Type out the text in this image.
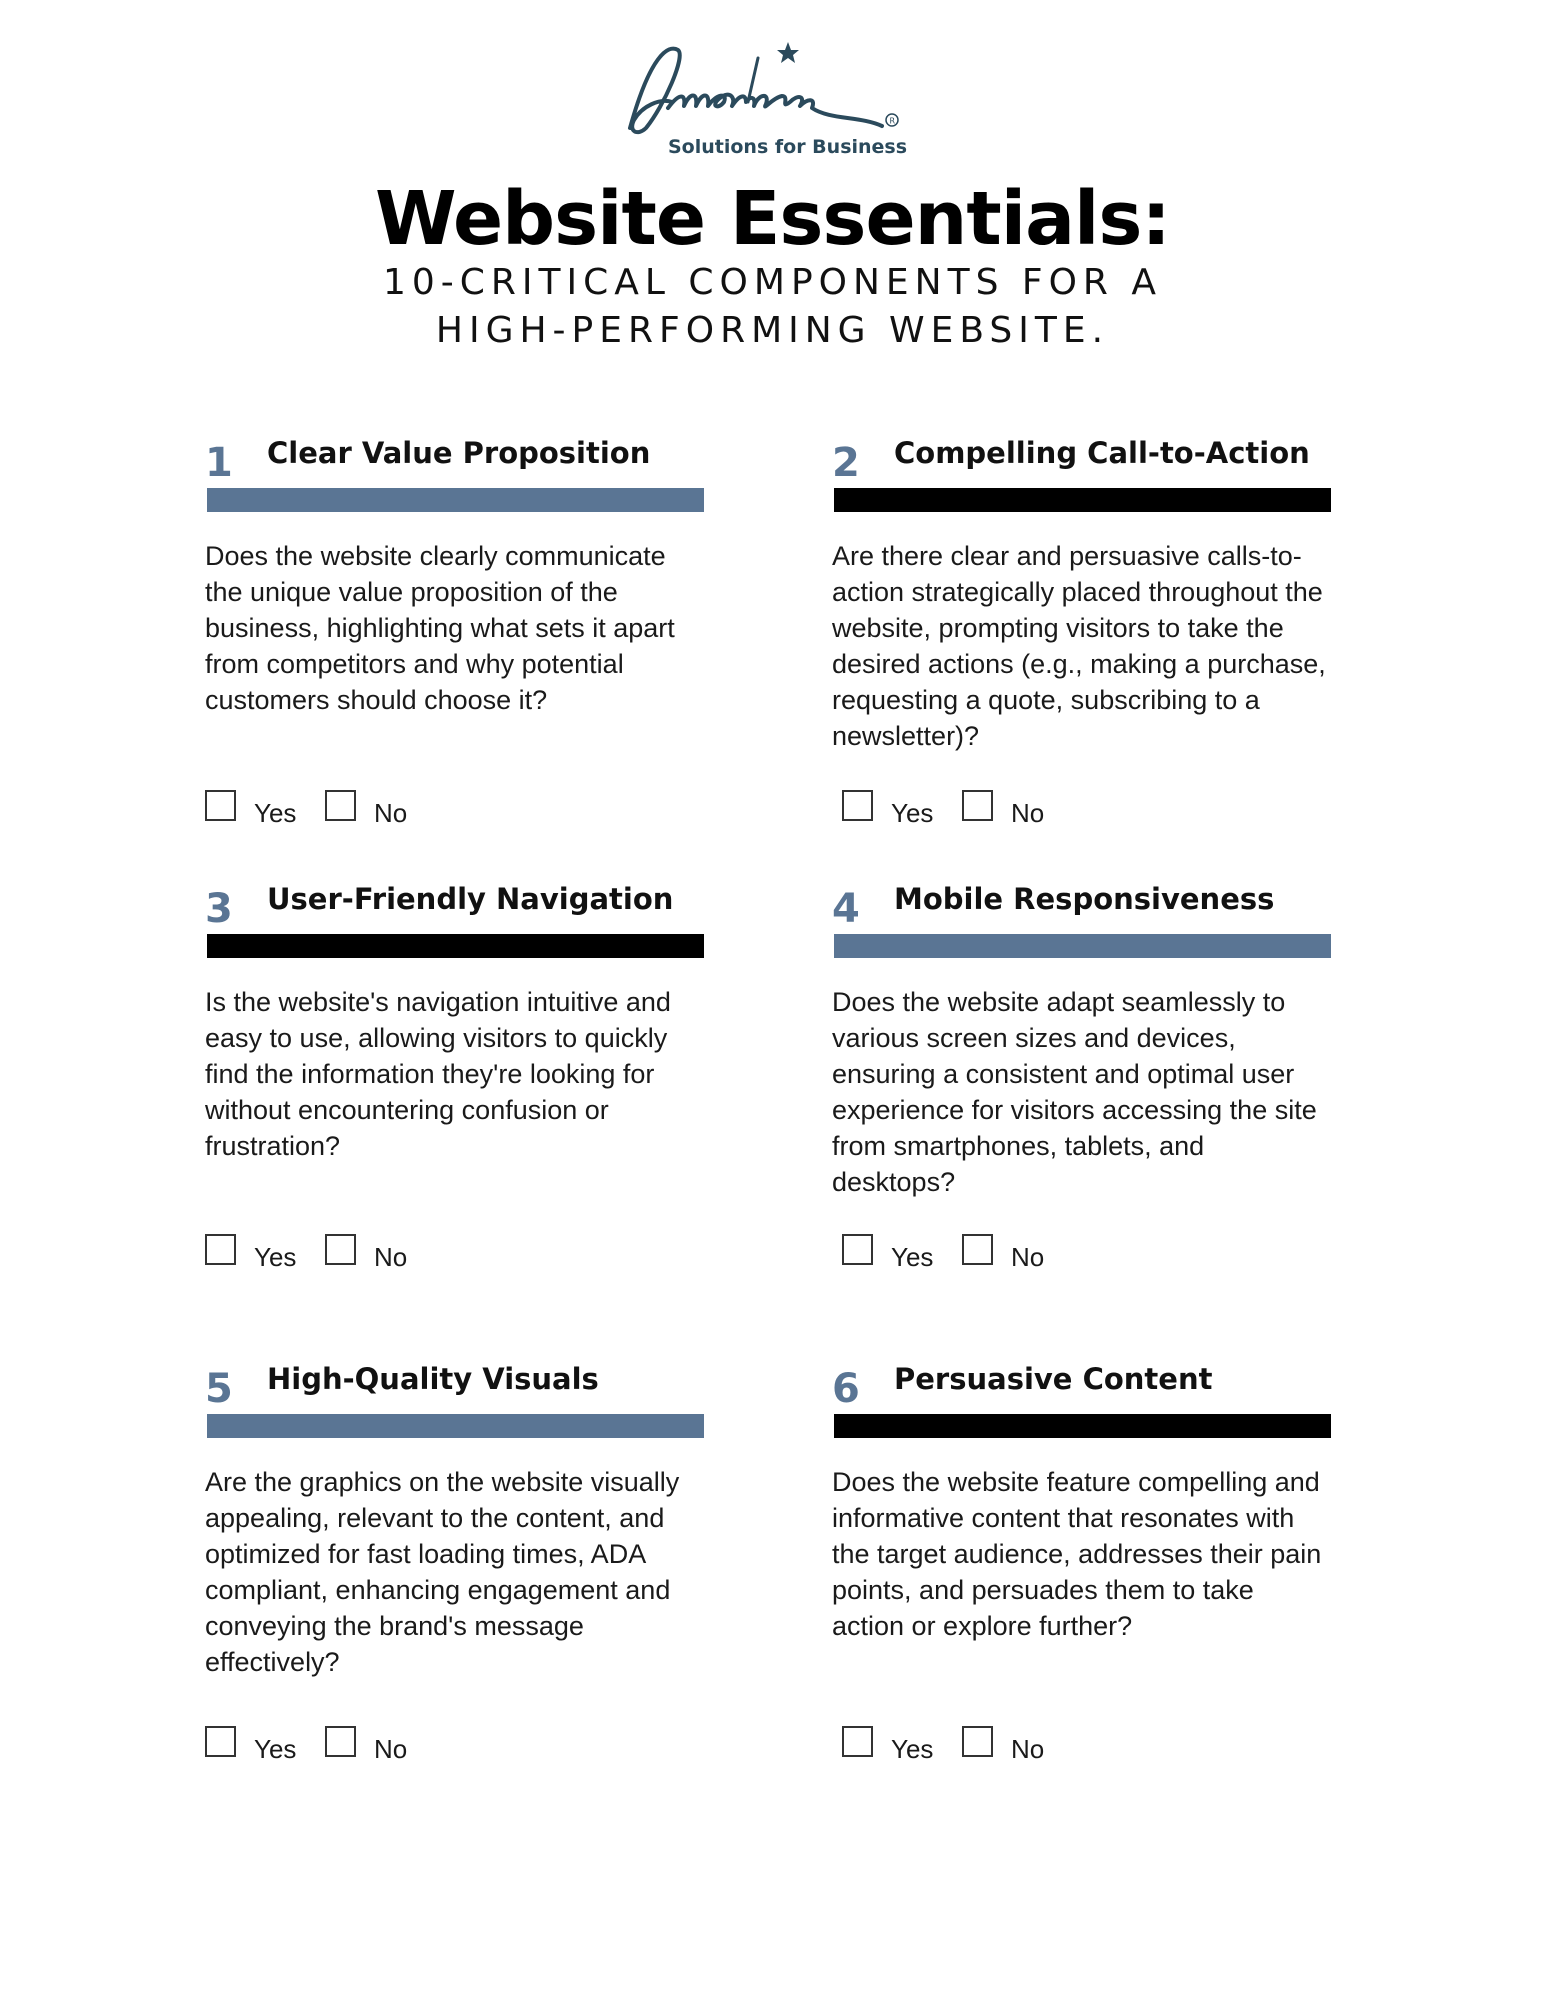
R
Solutions for Business
Website Essentials:

10-CRITICAL COMPONENTS FOR A

HIGH-PERFORMING WEBSITE.

1 Clear Value Proposition

Does the website clearly communicate the unique value proposition of the business, highlighting what sets it apart from competitors and why potential customers should choose it?

Yes	No
2 Compelling Call-to-Action

Are there clear and persuasive calls-to-action strategically placed throughout the website, prompting visitors to take the desired actions (e.g., making a purchase, requesting a quote, subscribing to a newsletter)?

Yes	No
3 User-Friendly Navigation

Is the website's navigation intuitive and easy to use, allowing visitors to quickly find the information they're looking for without encountering confusion or frustration?

Yes	No
4 Mobile Responsiveness

Does the website adapt seamlessly to various screen sizes and devices, ensuring a consistent and optimal user experience for visitors accessing the site from smartphones, tablets, and desktops?

Yes	No
5 High-Quality Visuals

Are the graphics on the website visually appealing, relevant to the content, and optimized for fast loading times, ADA compliant, enhancing engagement and conveying the brand's message effectively?

Yes	No
6 Persuasive Content

Does the website feature compelling and informative content that resonates with the target audience, addresses their pain points, and persuades them to take action or explore further?

Yes	No
